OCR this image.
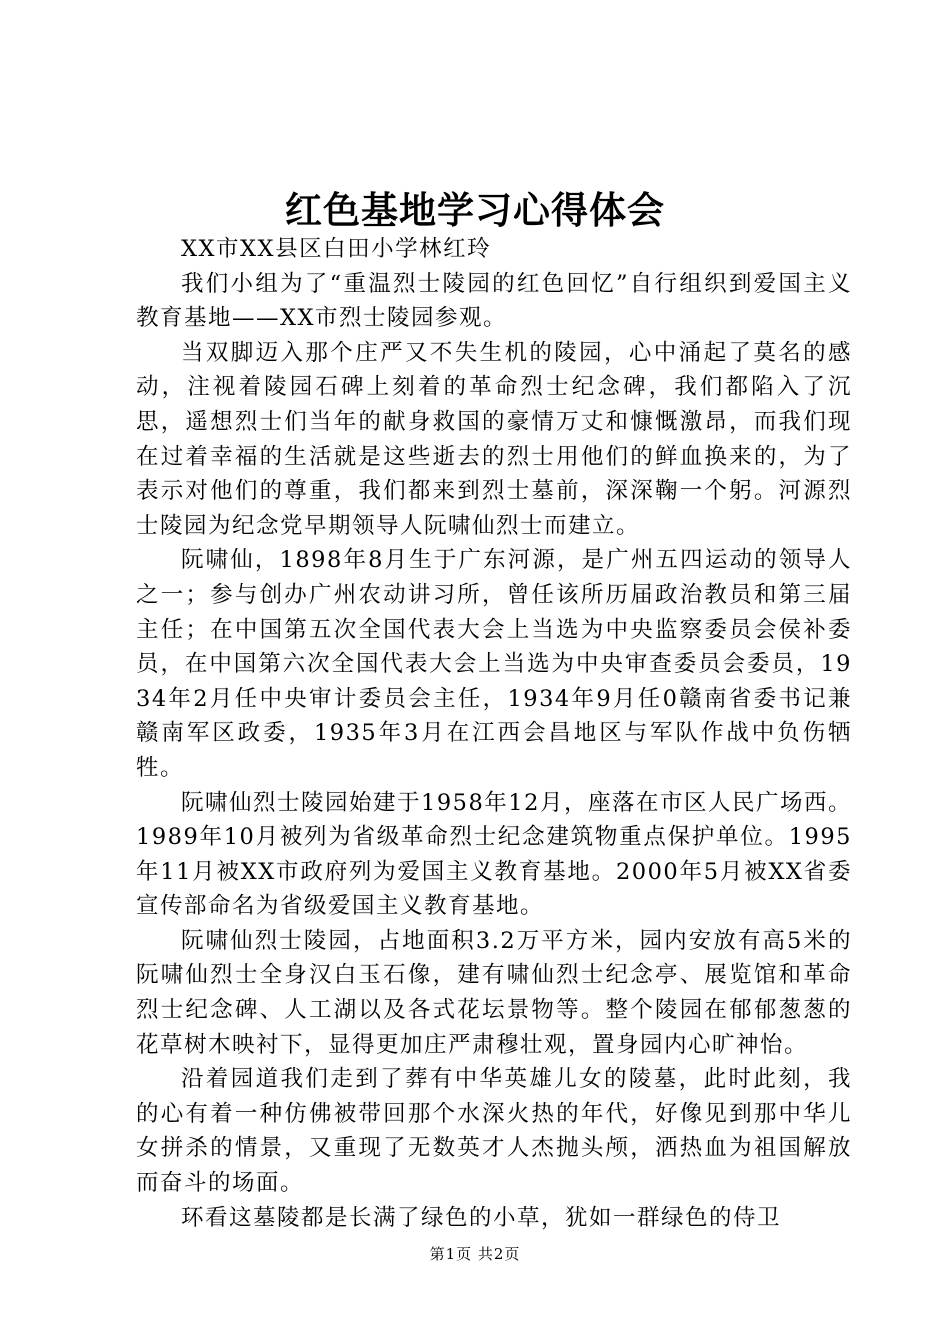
红色基地学习心得体会

XX市XX县区白田小学林红玲

我们小组为了“重温烈士陵园的红色回忆”自行组织到爱国主义教育基地——XX市烈士陵园参观。

当双脚迈入那个庄严又不失生机的陵园，心中涌起了莫名的感动，注视着陵园石碑上刻着的革命烈士纪念碑，我们都陷入了沉思，遥想烈士们当年的献身救国的豪情万丈和慷慨激昂，而我们现在过着幸福的生活就是这些逝去的烈士用他们的鲜血换来的，为了表示对他们的尊重，我们都来到烈士墓前，深深鞠一个躬。河源烈士陵园为纪念党早期领导人阮啸仙烈士而建立。

阮啸仙，1898年8月生于广东河源，是广州五四运动的领导人之一；参与创办广州农动讲习所，曾任该所历届政治教员和第三届主任；在中国第五次全国代表大会上当选为中央监察委员会侯补委员，在中国第六次全国代表大会上当选为中央审查委员会委员，1934年2月任中央审计委员会主任，1934年9月任0赣南省委书记兼赣南军区政委，1935年3月在江西会昌地区与军队作战中负伤牺牲。

阮啸仙烈士陵园始建于1958年12月，座落在市区人民广场西。1989年10月被列为省级革命烈士纪念建筑物重点保护单位。1995年11月被XX市政府列为爱国主义教育基地。2000年5月被XX省委宣传部命名为省级爱国主义教育基地。

阮啸仙烈士陵园，占地面积3.2万平方米，园内安放有高5米的阮啸仙烈士全身汉白玉石像，建有啸仙烈士纪念亭、展览馆和革命烈士纪念碑、人工湖以及各式花坛景物等。整个陵园在郁郁葱葱的花草树木映衬下，显得更加庄严肃穆壮观，置身园内心旷神怡。

沿着园道我们走到了葬有中华英雄儿女的陵墓，此时此刻，我的心有着一种仿佛被带回那个水深火热的年代，好像见到那中华儿女拼杀的情景，又重现了无数英才人杰抛头颅，洒热血为祖国解放而奋斗的场面。

环看这墓陵都是长满了绿色的小草，犹如一群绿色的侍卫

第1页 共2页
